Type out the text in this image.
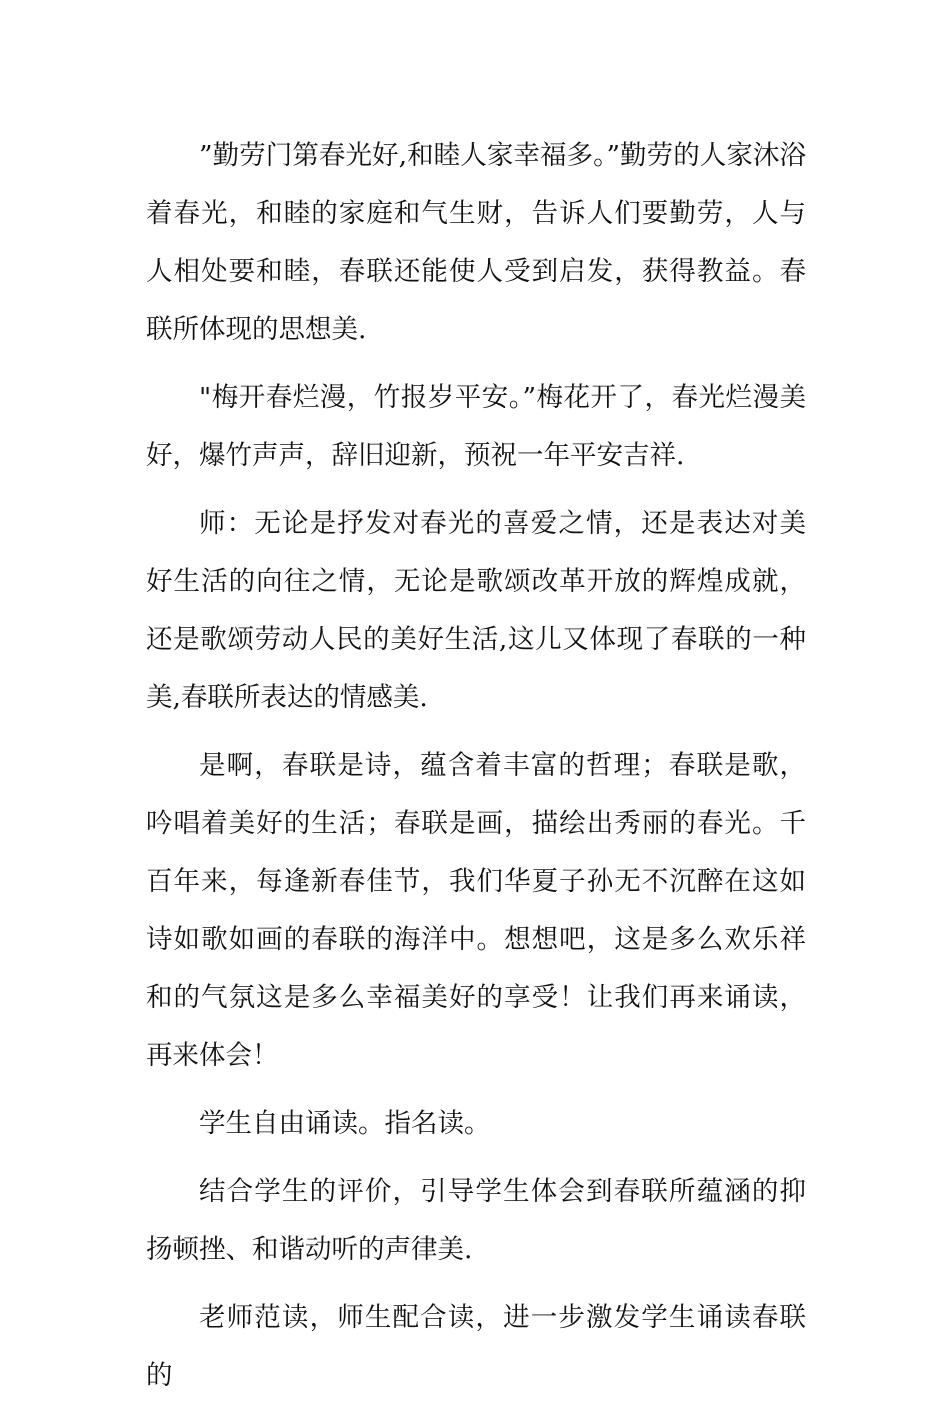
”勤劳门第春光好,和睦人家幸福多。”勤劳的人家沐浴着春光，和睦的家庭和气生财，告诉人们要勤劳，人与人相处要和睦，春联还能使人受到启发，获得教益。春联所体现的思想美.

"梅开春烂漫，竹报岁平安。”梅花开了，春光烂漫美好，爆竹声声，辞旧迎新，预祝一年平安吉祥.

师：无论是抒发对春光的喜爱之情，还是表达对美好生活的向往之情，无论是歌颂改革开放的辉煌成就，还是歌颂劳动人民的美好生活,这儿又体现了春联的一种美,春联所表达的情感美.

是啊，春联是诗，蕴含着丰富的哲理；春联是歌，吟唱着美好的生活；春联是画，描绘出秀丽的春光。千百年来，每逢新春佳节，我们华夏子孙无不沉醉在这如诗如歌如画的春联的海洋中。想想吧，这是多么欢乐祥和的气氛这是多么幸福美好的享受！让我们再来诵读，再来体会！

学生自由诵读。指名读。

结合学生的评价，引导学生体会到春联所蕴涵的抑扬顿挫、和谐动听的声律美.

老师范读，师生配合读，进一步激发学生诵读春联的
